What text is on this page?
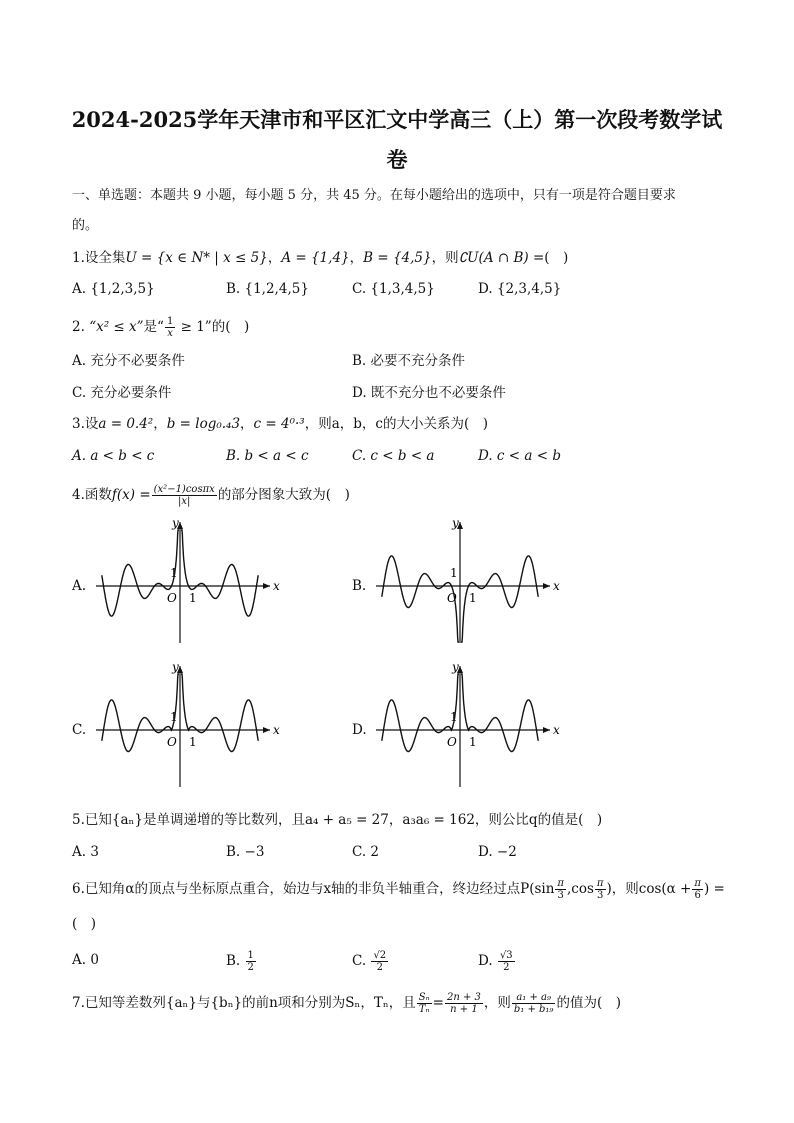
2024-2025学年天津市和平区汇文中学高三（上）第一次段考数学试
卷
一、单选题：本题共 9 小题，每小题 5 分，共 45 分。在每小题给出的选项中，只有一项是符合题目要求
的。
1.设全集U = {x ∈ N* | x ≤ 5}，A = {1,4}，B = {4,5}，则∁U(A ∩ B) =(　)
A. {1,2,3,5}	B. {1,2,4,5}	C. {1,3,4,5}	D. {2,3,4,5}
2. “x² ≤ x”是“ $\frac{1}{x} \ge 1$”的(　)
A. 充分不必要条件	B. 必要不充分条件
C. 充分必要条件	D. 既不充分也不必要条件
3.设a = 0.4²，b = log₀.₄3，c = 4⁰·³，则a，b，c的大小关系为(　)
A. a < b < c	B. b < a < c	C. c < b < a	D. c < a < b
4.函数$f(x) = \frac{\text{(x²−1)cosπx}}{|x|}$ 的部分图象大致为(　)
A.	B.
C.	D.
x
y
O 1
1
x
y
O 1
1
x
y
O 1
1
x
y
O 1
1
5.已知{aₙ}是单调递增的等比数列，且a₄ + a₅ = 27，a₃a₆ = 162，则公比q的值是(　)
A. 3	B. −3	C. 2	D. −2
6.已知角α的顶点与坐标原点重合，始边与x轴的非负半轴重合，终边经过点$P(\sin \frac{\pi}{3} ,\cos \frac{\pi}{3}$ )，则$\cos(\alpha + \frac{\pi}{6}$ ) =
(　)
A. 0	B. $\frac{1}{2}$	C. $\frac{√2}{2}$	D. $\frac{√3}{2}$
7.已知等差数列{aₙ}与{bₙ}的前n项和分别为Sₙ，Tₙ，且 $\frac{\text{Sₙ}}{\text{Tₙ}} = \frac{2n + 3}{n + 1}$ ，则 $\frac{\text{a₁ + a₉}}{\text{b₁ + b₁₉}}$ 的值为(　)
